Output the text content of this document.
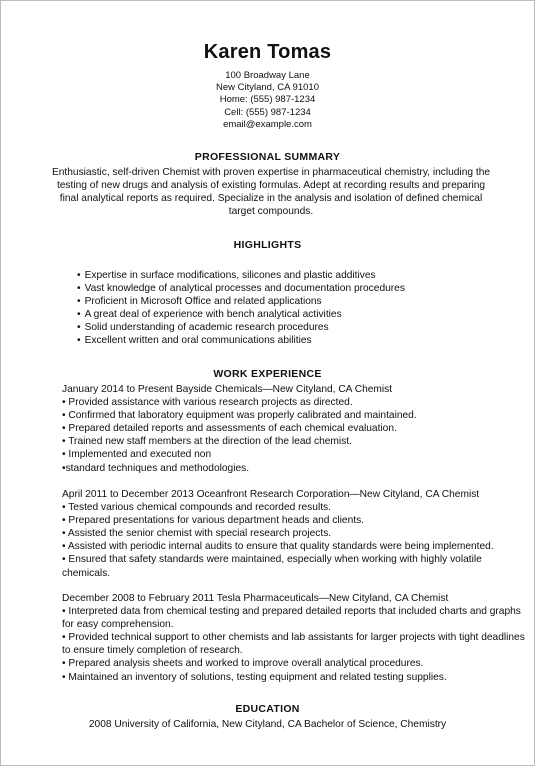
Karen Tomas
100 Broadway Lane
New Cityland, CA 91010
Home: (555) 987-1234
Cell: (555) 987-1234
email@example.com
PROFESSIONAL SUMMARY
Enthusiastic, self-driven Chemist with proven expertise in pharmaceutical chemistry, including the testing of new drugs and analysis of existing formulas. Adept at recording results and preparing final analytical reports as required. Specialize in the analysis and isolation of defined chemical target compounds.
HIGHLIGHTS
• Expertise in surface modifications, silicones and plastic additives
• Vast knowledge of analytical processes and documentation procedures
• Proficient in Microsoft Office and related applications
• A great deal of experience with bench analytical activities
• Solid understanding of academic research procedures
• Excellent written and oral communications abilities
WORK EXPERIENCE

January 2014 to Present Bayside Chemicals—New Cityland, CA Chemist

• Provided assistance with various research projects as directed.

• Confirmed that laboratory equipment was properly calibrated and maintained.

• Prepared detailed reports and assessments of each chemical evaluation.

• Trained new staff members at the direction of the lead chemist.

• Implemented and executed non

•standard techniques and methodologies.

April 2011 to December 2013 Oceanfront Research Corporation—New Cityland, CA Chemist

• Tested various chemical compounds and recorded results.

• Prepared presentations for various department heads and clients.

• Assisted the senior chemist with special research projects.

• Assisted with periodic internal audits to ensure that quality standards were being implemented.

• Ensured that safety standards were maintained, especially when working with highly volatile chemicals.

December 2008 to February 2011 Tesla Pharmaceuticals—New Cityland, CA Chemist

• Interpreted data from chemical testing and prepared detailed reports that included charts and graphs for easy comprehension.

• Provided technical support to other chemists and lab assistants for larger projects with tight deadlines to ensure timely completion of research.

• Prepared analysis sheets and worked to improve overall analytical procedures.

• Maintained an inventory of solutions, testing equipment and related testing supplies.

EDUCATION
2008 University of California, New Cityland, CA Bachelor of Science, Chemistry
